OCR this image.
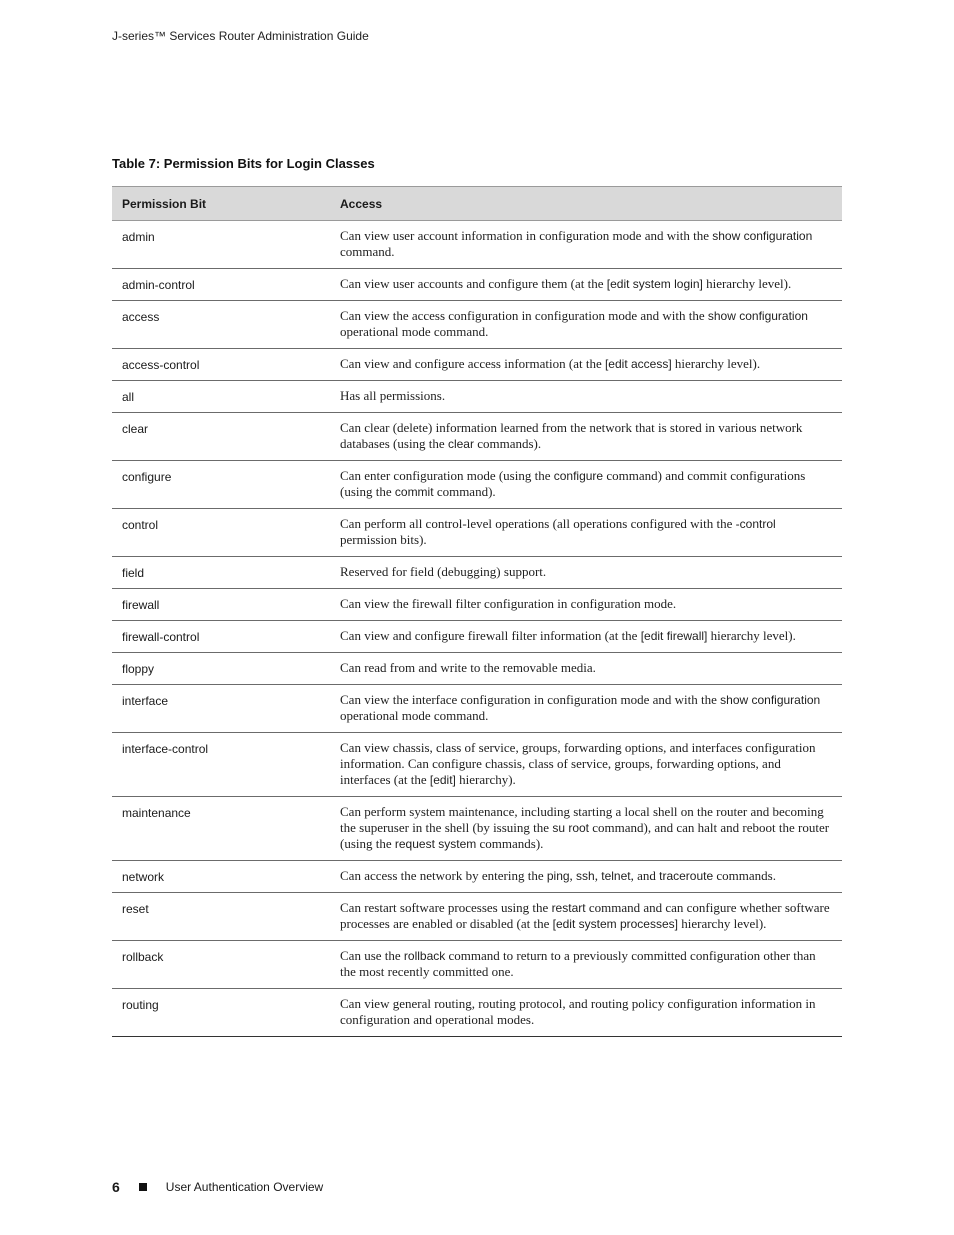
J-series™ Services Router Administration Guide
Table 7: Permission Bits for Login Classes
Permission Bit	Access
admin	Can view user account information in configuration mode and with the show configuration command.
admin-control	Can view user accounts and configure them (at the [edit system login] hierarchy level).
access	Can view the access configuration in configuration mode and with the show configuration operational mode command.
access-control	Can view and configure access information (at the [edit access] hierarchy level).
all	Has all permissions.
clear	Can clear (delete) information learned from the network that is stored in various network databases (using the clear commands).
configure	Can enter configuration mode (using the configure command) and commit configurations (using the commit command).
control	Can perform all control-level operations (all operations configured with the -control permission bits).
field	Reserved for field (debugging) support.
firewall	Can view the firewall filter configuration in configuration mode.
firewall-control	Can view and configure firewall filter information (at the [edit firewall] hierarchy level).
floppy	Can read from and write to the removable media.
interface	Can view the interface configuration in configuration mode and with the show configuration operational mode command.
interface-control	Can view chassis, class of service, groups, forwarding options, and interfaces configuration information. Can configure chassis, class of service, groups, forwarding options, and interfaces (at the [edit] hierarchy).
maintenance	Can perform system maintenance, including starting a local shell on the router and becoming the superuser in the shell (by issuing the su root command), and can halt and reboot the router (using the request system commands).
network	Can access the network by entering the ping, ssh, telnet, and traceroute commands.
reset	Can restart software processes using the restart command and can configure whether software processes are enabled or disabled (at the [edit system processes] hierarchy level).
rollback	Can use the rollback command to return to a previously committed configuration other than the most recently committed one.
routing	Can view general routing, routing protocol, and routing policy configuration information in configuration and operational modes.
6	User Authentication Overview
